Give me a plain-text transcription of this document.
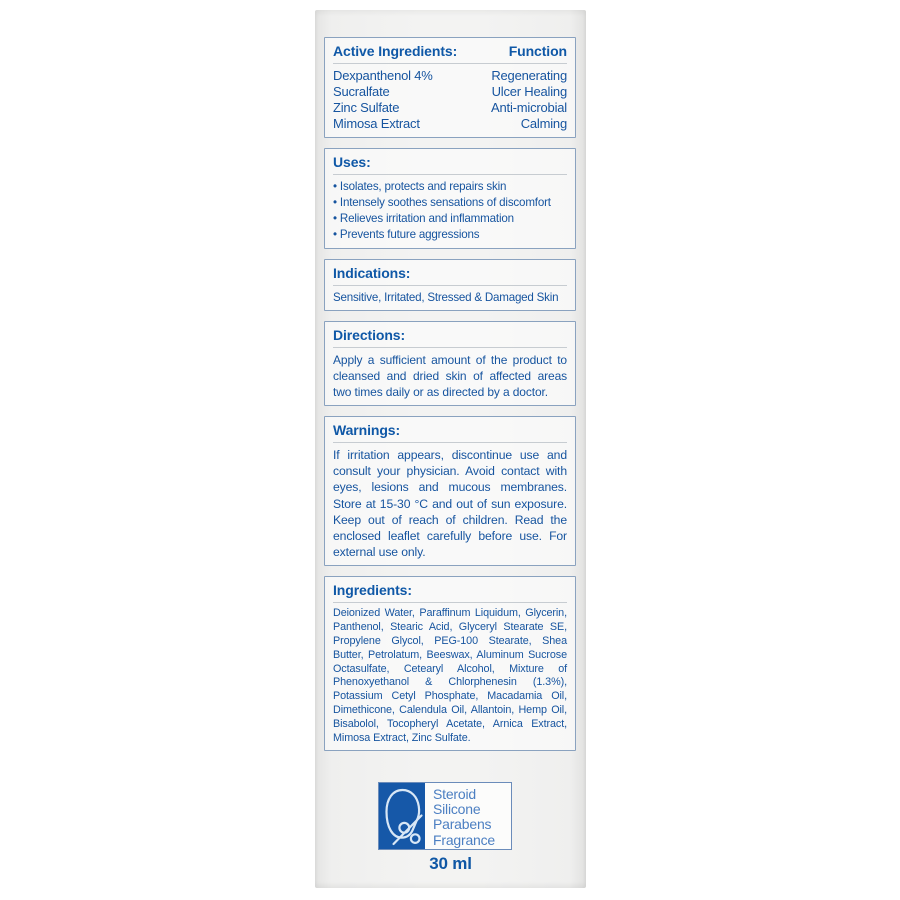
Active Ingredients:	Function
Dexpanthenol 4%	Regenerating
Sucralfate	Ulcer Healing
Zinc Sulfate	Anti-microbial
Mimosa Extract	Calming
Uses:
• Isolates, protects and repairs skin
• Intensely soothes sensations of discomfort
• Relieves irritation and inflammation
• Prevents future aggressions
Indications:
Sensitive, Irritated, Stressed & Damaged Skin
Directions:
Apply a sufficient amount of the product to cleansed and dried skin of affected areas two times daily or as directed by a doctor.
Warnings:
If irritation appears, discontinue use and consult your physician. Avoid contact with eyes, lesions and mucous membranes. Store at 15-30 °C and out of sun exposure. Keep out of reach of children. Read the enclosed leaflet carefully before use. For external use only.
Ingredients:
Deionized Water, Paraffinum Liquidum, Glycerin, Panthenol, Stearic Acid, Glyceryl Stearate SE, Propylene Glycol, PEG-100 Stearate, Shea Butter, Petrolatum, Beeswax, Aluminum Sucrose Octasulfate, Cetearyl Alcohol, Mixture of Phenoxyethanol & Chlorphenesin (1.3%), Potassium Cetyl Phosphate, Macadamia Oil, Dimethicone, Calendula Oil, Allantoin, Hemp Oil, Bisabolol, Tocopheryl Acetate, Arnica Extract, Mimosa Extract, Zinc Sulfate.
Steroid
Silicone
Parabens
Fragrance
30 ml
